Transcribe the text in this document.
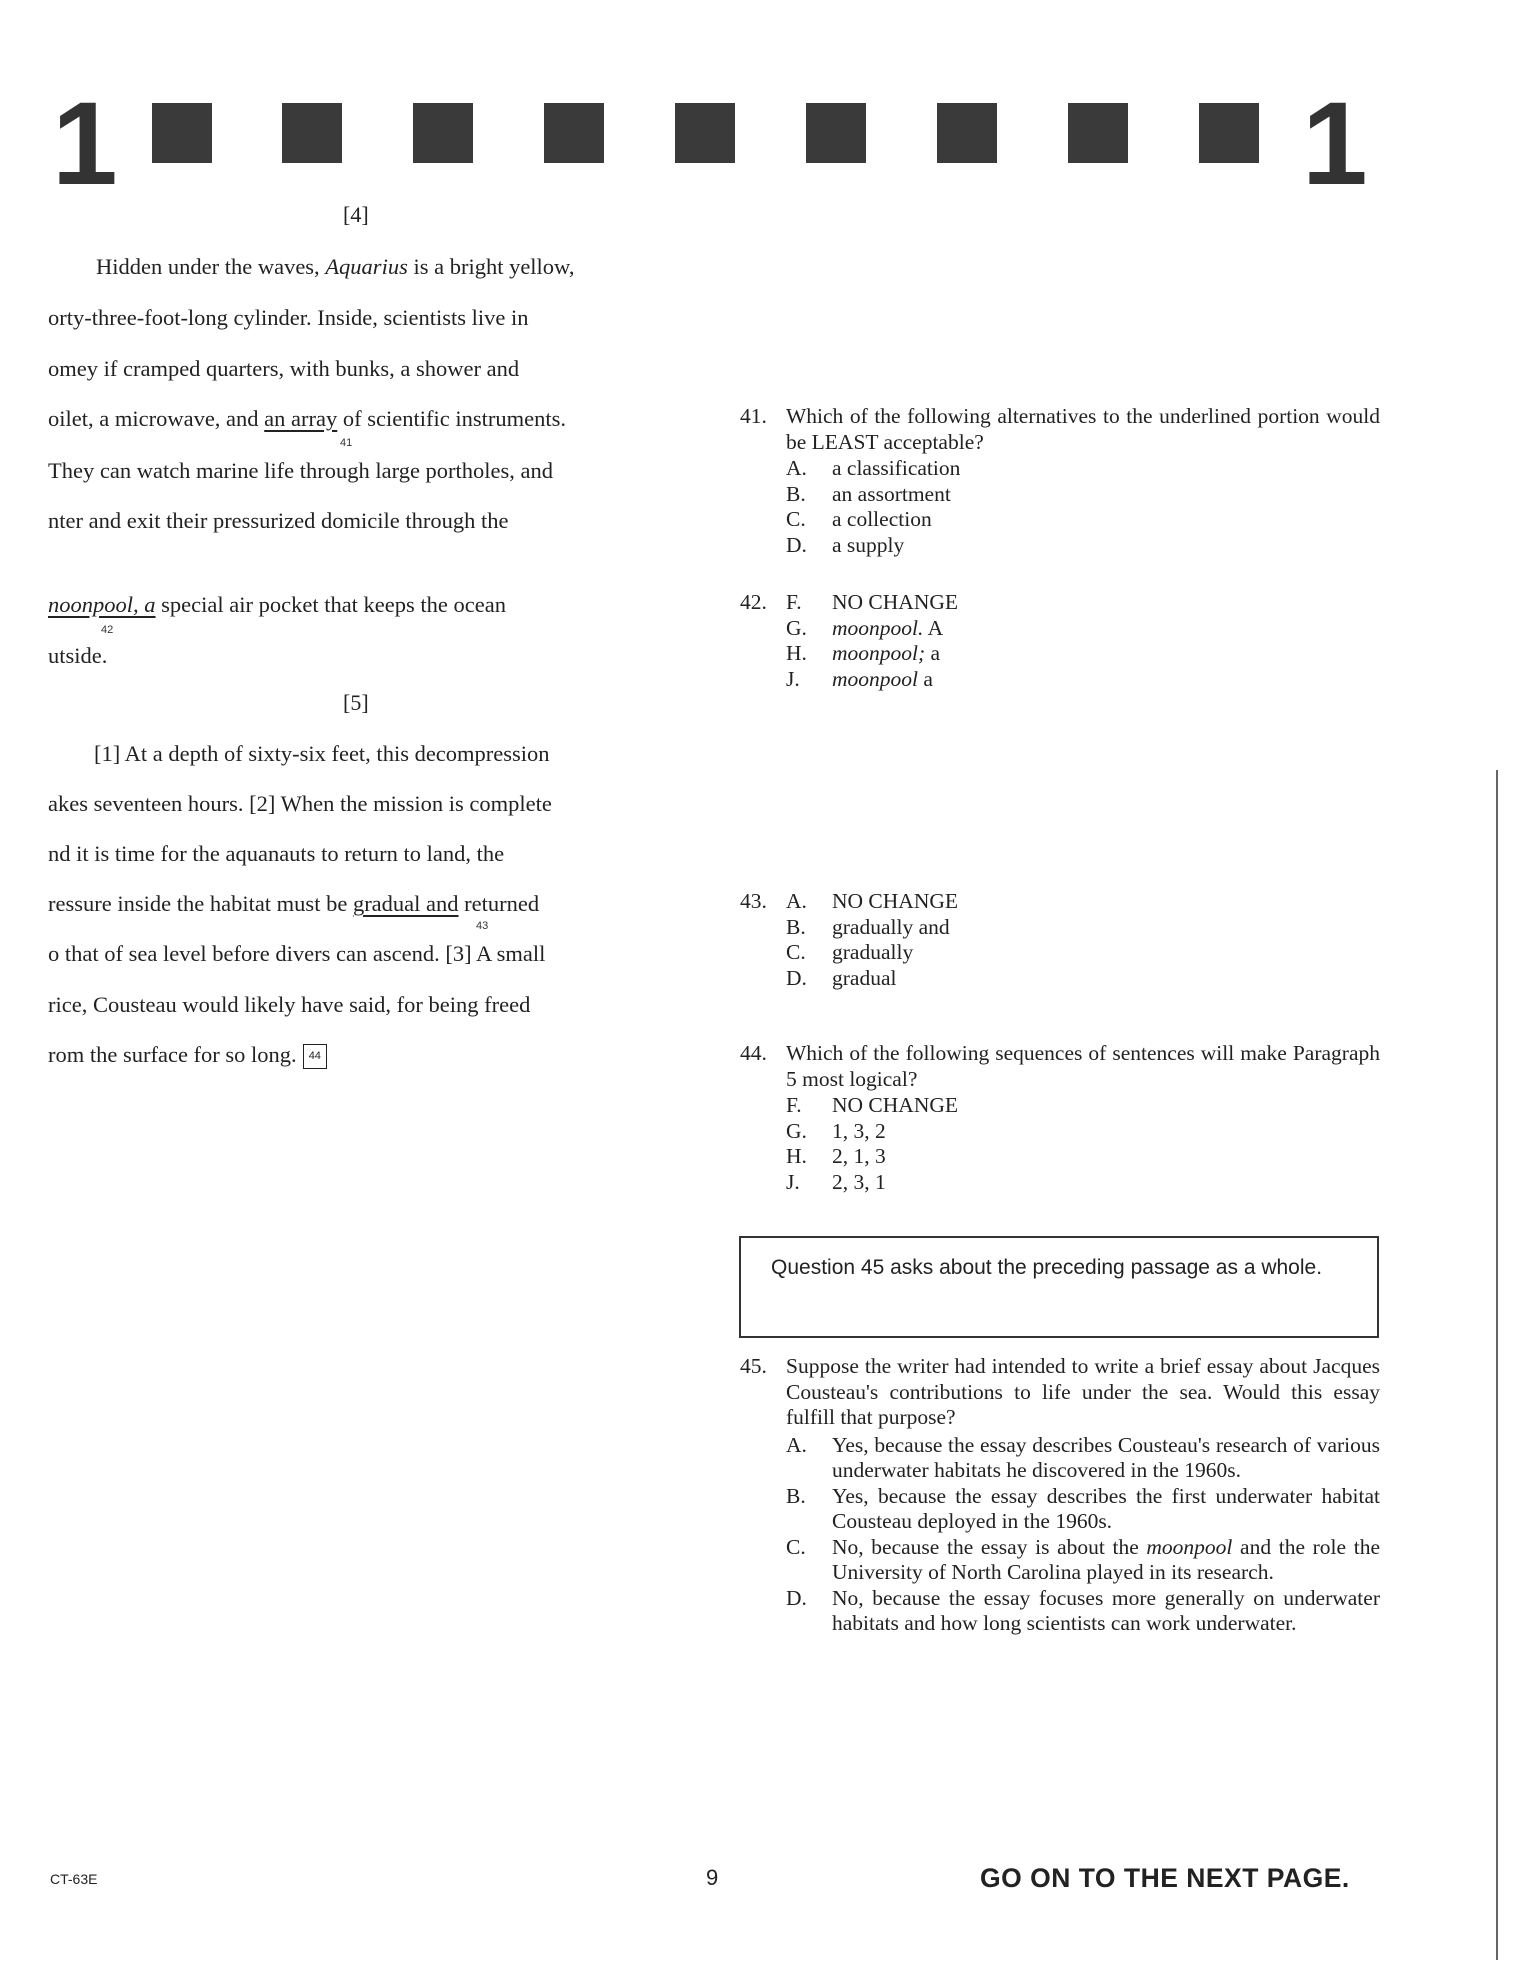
1	1
[4]
Hidden under the waves, Aquarius is a bright yellow,
orty-three-foot-long cylinder. Inside, scientists live in
omey if cramped quarters, with bunks, a shower and
oilet, a microwave, and an array of scientific instruments.
41
They can watch marine life through large portholes, and
nter and exit their pressurized domicile through the
noonpool, a special air pocket that keeps the ocean
42
utside.
[5]
[1] At a depth of sixty-six feet, this decompression
akes seventeen hours. [2] When the mission is complete
nd it is time for the aquanauts to return to land, the
ressure inside the habitat must be gradual and returned
43
o that of sea level before divers can ascend. [3] A small
rice, Cousteau would likely have said, for being freed
rom the surface for so long. 44
41. Which of the following alternatives to the underlined portion would be LEAST acceptable?
A.	a classification
B.	an assortment
C.	a collection
D.	a supply
42. F.	NO CHANGE
G.	moonpool. A
H.	moonpool; a
J.	moonpool a
43. A.	NO CHANGE
B.	gradually and
C.	gradually
D.	gradual
44. Which of the following sequences of sentences will make Paragraph 5 most logical?
F.	NO CHANGE
G.	1, 3, 2
H.	2, 1, 3
J.	2, 3, 1
Question 45 asks about the preceding passage as a whole.
45. Suppose the writer had intended to write a brief essay about Jacques Cousteau's contributions to life under the sea. Would this essay fulfill that purpose?
A.	Yes, because the essay describes Cousteau's research of various underwater habitats he discovered in the 1960s.
B.	Yes, because the essay describes the first underwater habitat Cousteau deployed in the 1960s.
C.	No, because the essay is about the moonpool and the role the University of North Carolina played in its research.
D.	No, because the essay focuses more generally on underwater habitats and how long scientists can work underwater.
CT-63E	9	GO ON TO THE NEXT PAGE.
